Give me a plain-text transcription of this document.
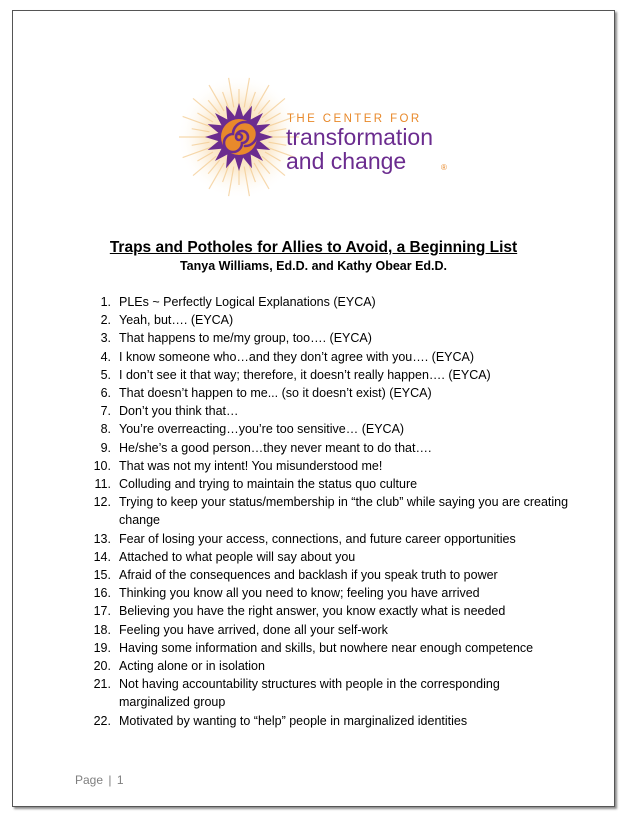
THE CENTER FOR
transformation
and change	®
Traps and Potholes for Allies to Avoid, a Beginning List
Tanya Williams, Ed.D. and Kathy Obear Ed.D.
1. PLEs ~ Perfectly Logical Explanations (EYCA)
2. Yeah, but…. (EYCA)
3. That happens to me/my group, too…. (EYCA)
4. I know someone who…and they don’t agree with you…. (EYCA)
5. I don’t see it that way; therefore, it doesn’t really happen…. (EYCA)
6. That doesn’t happen to me... (so it doesn’t exist) (EYCA)
7. Don’t you think that…
8. You’re overreacting…you’re too sensitive… (EYCA)
9. He/she’s a good person…they never meant to do that….
10. That was not my intent! You misunderstood me!
11. Colluding and trying to maintain the status quo culture
12. Trying to keep your status/membership in “the club” while saying you are creating change
13. Fear of losing your access, connections, and future career opportunities
14. Attached to what people will say about you
15. Afraid of the consequences and backlash if you speak truth to power
16. Thinking you know all you need to know; feeling you have arrived
17. Believing you have the right answer, you know exactly what is needed
18. Feeling you have arrived, done all your self-work
19. Having some information and skills, but nowhere near enough competence
20. Acting alone or in isolation
21. Not having accountability structures with people in the corresponding marginalized group
22. Motivated by wanting to “help” people in marginalized identities
Page | 1
